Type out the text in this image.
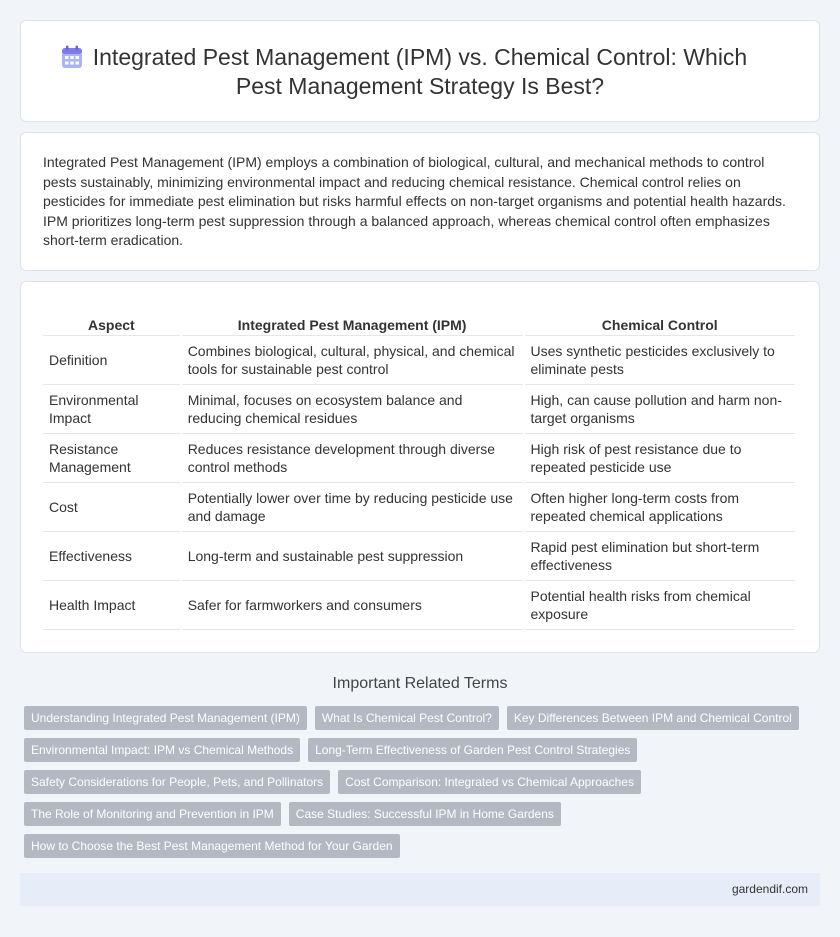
Integrated Pest Management (IPM) vs. Chemical Control: Which Pest Management Strategy Is Best?

Integrated Pest Management (IPM) employs a combination of biological, cultural, and mechanical methods to control pests sustainably, minimizing environmental impact and reducing chemical resistance. Chemical control relies on pesticides for immediate pest elimination but risks harmful effects on non-target organisms and potential health hazards. IPM prioritizes long-term pest suppression through a balanced approach, whereas chemical control often emphasizes short-term eradication.

Aspect	Integrated Pest Management (IPM)	Chemical Control
Definition	Combines biological, cultural, physical, and chemical tools for sustainable pest control	Uses synthetic pesticides exclusively to eliminate pests
Environmental Impact	Minimal, focuses on ecosystem balance and reducing chemical residues	High, can cause pollution and harm non-target organisms
Resistance Management	Reduces resistance development through diverse control methods	High risk of pest resistance due to repeated pesticide use
Cost	Potentially lower over time by reducing pesticide use and damage	Often higher long-term costs from repeated chemical applications
Effectiveness	Long-term and sustainable pest suppression	Rapid pest elimination but short-term effectiveness
Health Impact	Safer for farmworkers and consumers	Potential health risks from chemical exposure
Important Related Terms
Understanding Integrated Pest Management (IPM)	What Is Chemical Pest Control?	Key Differences Between IPM and Chemical Control
Environmental Impact: IPM vs Chemical Methods	Long-Term Effectiveness of Garden Pest Control Strategies
Safety Considerations for People, Pets, and Pollinators	Cost Comparison: Integrated vs Chemical Approaches
The Role of Monitoring and Prevention in IPM	Case Studies: Successful IPM in Home Gardens
How to Choose the Best Pest Management Method for Your Garden
gardendif.com
